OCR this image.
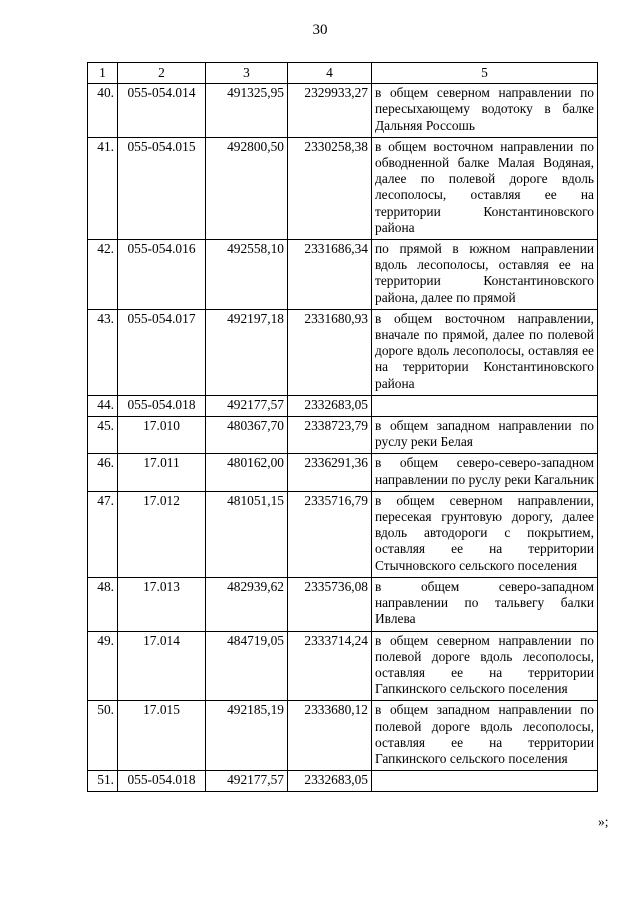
30
1	2	3	4	5
40.	055-054.014	491325,95	2329933,27	в общем северном направлении по пересыхающему водотоку в балке Дальняя Россошь
41.	055-054.015	492800,50	2330258,38	в общем восточном направлении по обводненной балке Малая Водяная, далее по полевой дороге вдоль лесополосы, оставляя ее на территории Константиновского района
42.	055-054.016	492558,10	2331686,34	по прямой в южном направлении вдоль лесополосы, оставляя ее на территории Константиновского района, далее по прямой
43.	055-054.017	492197,18	2331680,93	в общем восточном направлении, вначале по прямой, далее по полевой дороге вдоль лесополосы, оставляя ее на территории Константиновского района
44.	055-054.018	492177,57	2332683,05	
45.	17.010	480367,70	2338723,79	в общем западном направлении по руслу реки Белая
46.	17.011	480162,00	2336291,36	в общем северо-северо-западном направлении по руслу реки Кагальник
47.	17.012	481051,15	2335716,79	в общем северном направлении, пересекая грунтовую дорогу, далее вдоль автодороги с покрытием, оставляя ее на территории Стычновского сельского поселения
48.	17.013	482939,62	2335736,08	в общем северо-западном направлении по тальвегу балки Ивлева
49.	17.014	484719,05	2333714,24	в общем северном направлении по полевой дороге вдоль лесополосы, оставляя ее на территории Гапкинского сельского поселения
50.	17.015	492185,19	2333680,12	в общем западном направлении по полевой дороге вдоль лесополосы, оставляя ее на территории Гапкинского сельского поселения
51.	055-054.018	492177,57	2332683,05	
»;
